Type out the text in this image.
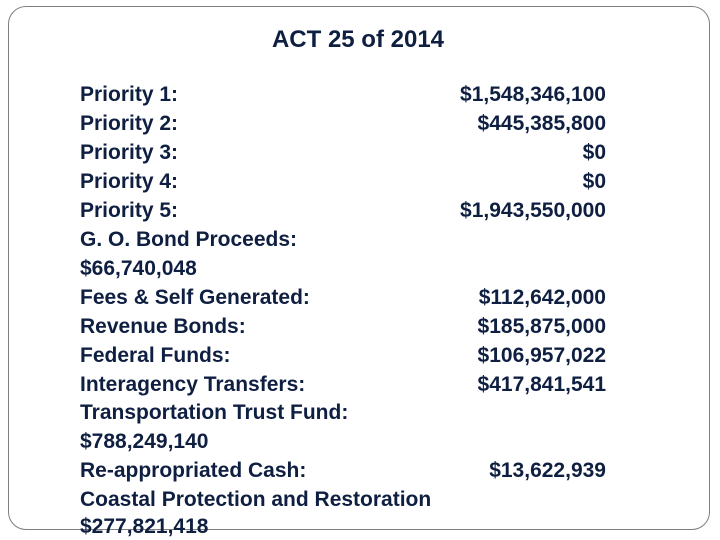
ACT 25 of 2014
Priority 1:	$1,548,346,100
Priority 2:	$445,385,800
Priority 3:	$0
Priority 4:	$0
Priority 5:	$1,943,550,000
G. O. Bond Proceeds:
$66,740,048
Fees & Self Generated:	$112,642,000
Revenue Bonds:	$185,875,000
Federal Funds:	$106,957,022
Interagency Transfers:	$417,841,541
Transportation Trust Fund:
$788,249,140
Re-appropriated Cash:	$13,622,939
Coastal Protection and Restoration
$277,821,418
